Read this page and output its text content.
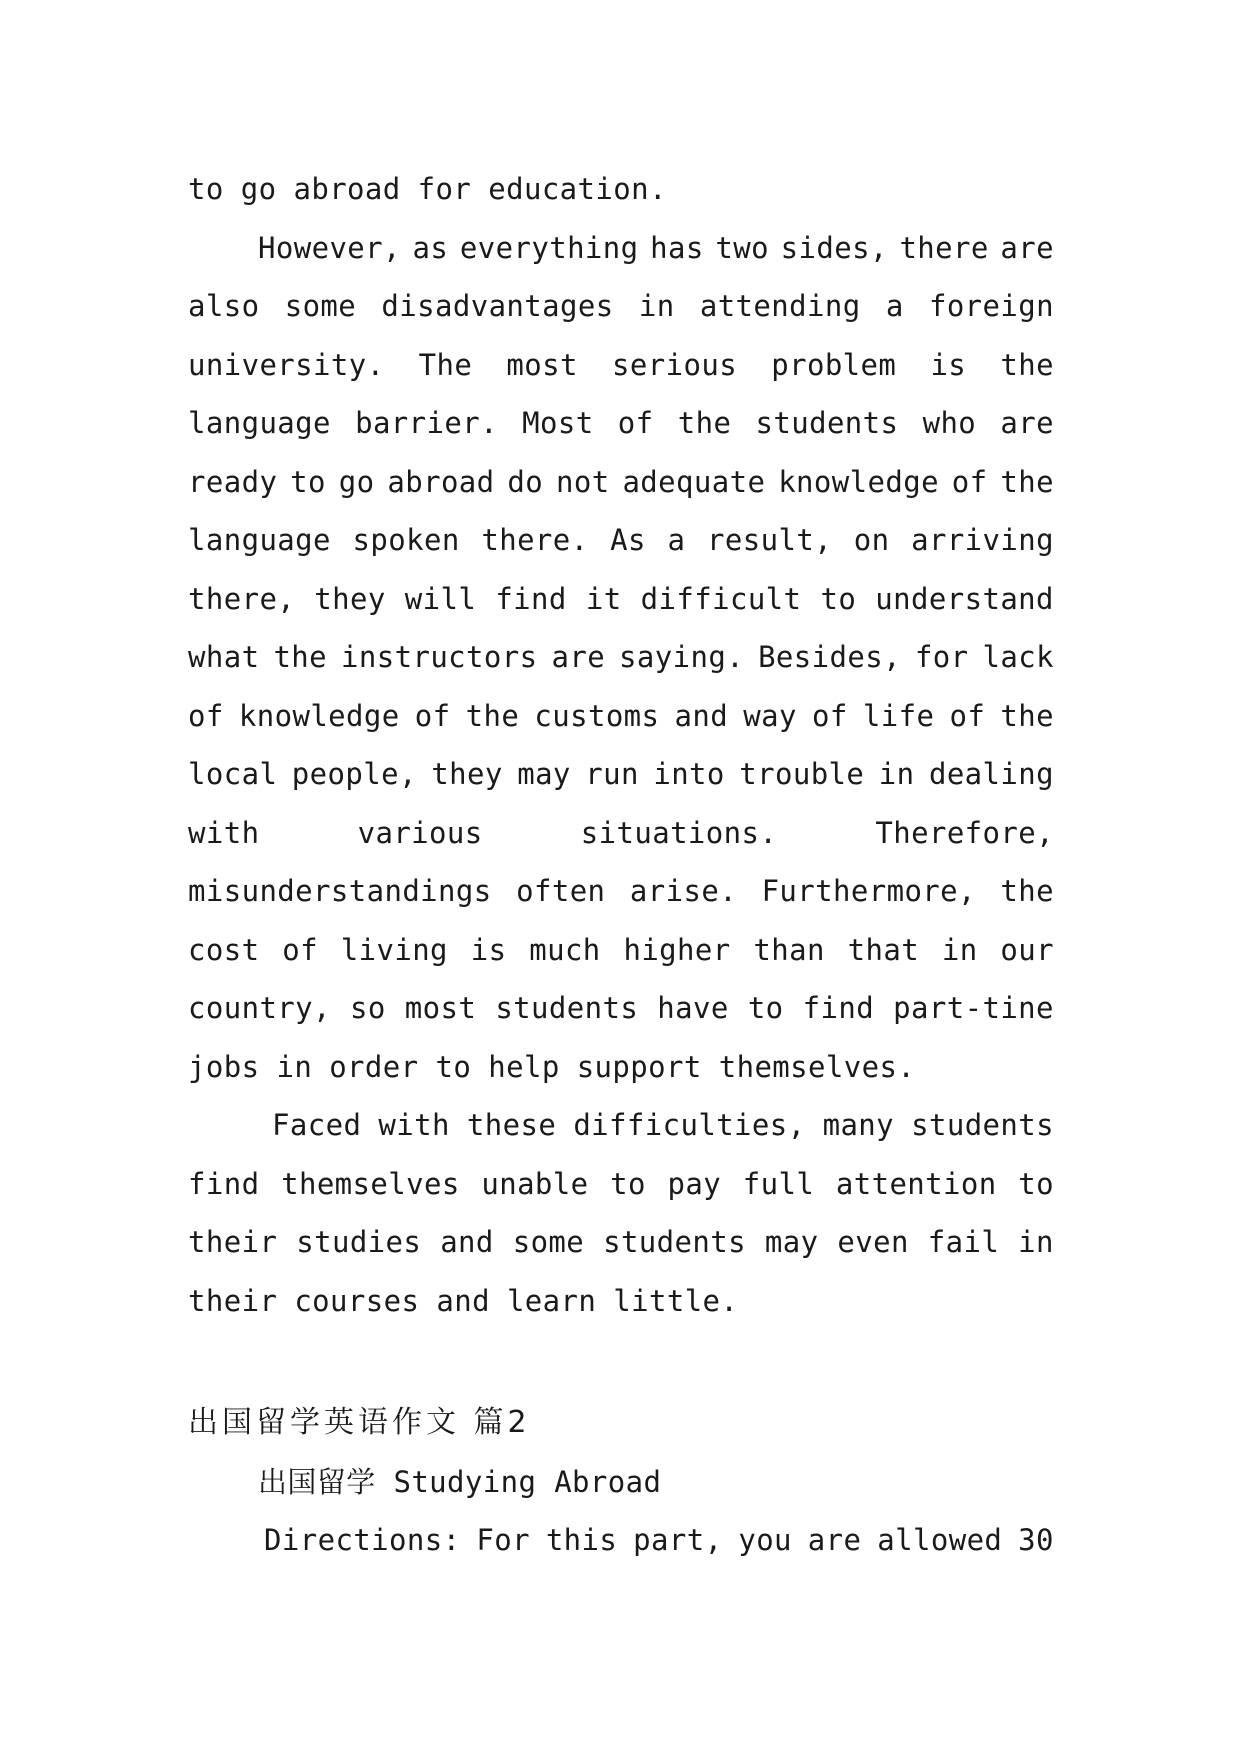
to go abroad for education.
However, as everything has two sides, there are
also some disadvantages in attending a foreign
university. The most serious problem is the
language barrier. Most of the students who are
ready to go abroad do not adequate knowledge of the
language spoken there. As a result, on arriving
there, they will find it difficult to understand
what the instructors are saying. Besides, for lack
of knowledge of the customs and way of life of the
local people, they may run into trouble in dealing
with	various	situations.	Therefore,
misunderstandings often arise. Furthermore, the
cost of living is much higher than that in our
country, so most students have to find part-tine
jobs in order to help support themselves.
Faced with these difficulties, many students
find themselves unable to pay full attention to
their studies and some students may even fail in
their courses and learn little.
出国留学英语作文 篇2
出国留学 Studying Abroad
Directions: For this part, you are allowed 30
